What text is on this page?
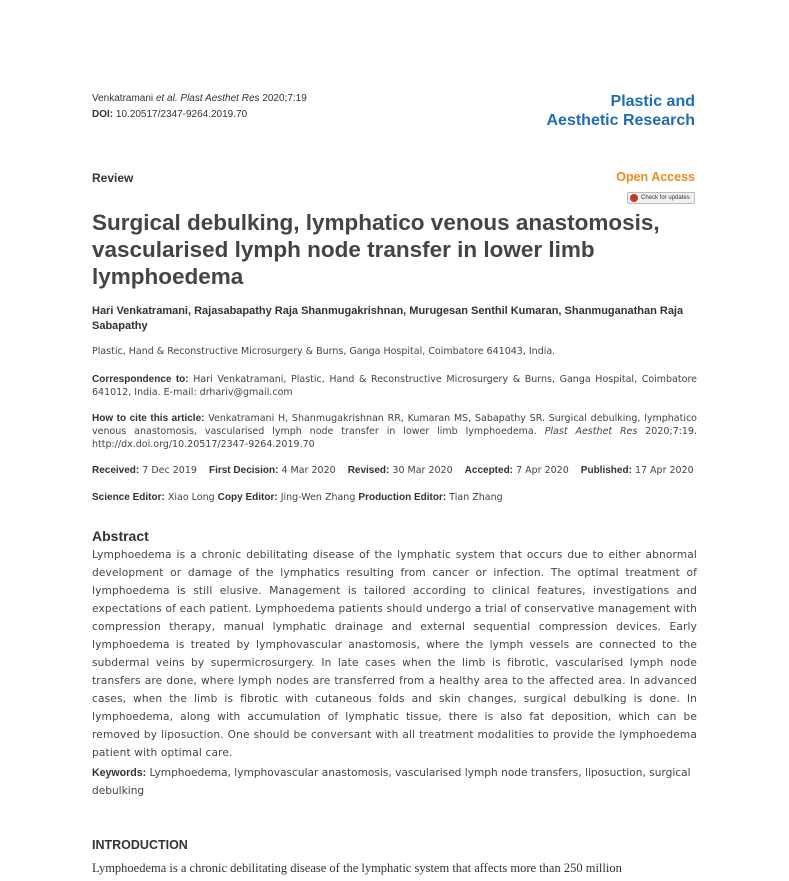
Venkatramani et al. Plast Aesthet Res 2020;7:19
DOI: 10.20517/2347-9264.2019.70
Plastic and
Aesthetic Research
Review	Open Access
Check for updates
Surgical debulking, lymphatico venous anastomosis, vascularised lymph node transfer in lower limb lymphoedema
Hari Venkatramani, Rajasabapathy Raja Shanmugakrishnan, Murugesan Senthil Kumaran, Shanmuganathan Raja Sabapathy
Plastic, Hand & Reconstructive Microsurgery & Burns, Ganga Hospital, Coimbatore 641043, India.
Correspondence to: Hari Venkatramani, Plastic, Hand & Reconstructive Microsurgery & Burns, Ganga Hospital, Coimbatore 641012, India. E-mail: drhariv@gmail.com
How to cite this article: Venkatramani H, Shanmugakrishnan RR, Kumaran MS, Sabapathy SR. Surgical debulking, lymphatico venous anastomosis, vascularised lymph node transfer in lower limb lymphoedema. Plast Aesthet Res 2020;7:19. http://dx.doi.org/10.20517/2347-9264.2019.70
Received: 7 Dec 2019 First Decision: 4 Mar 2020 Revised: 30 Mar 2020 Accepted: 7 Apr 2020 Published: 17 Apr 2020
Science Editor: Xiao Long Copy Editor: Jing-Wen Zhang Production Editor: Tian Zhang
Abstract
Lymphoedema is a chronic debilitating disease of the lymphatic system that occurs due to either abnormal development or damage of the lymphatics resulting from cancer or infection. The optimal treatment of lymphoedema is still elusive. Management is tailored according to clinical features, investigations and expectations of each patient. Lymphoedema patients should undergo a trial of conservative management with compression therapy, manual lymphatic drainage and external sequential compression devices. Early lymphoedema is treated by lymphovascular anastomosis, where the lymph vessels are connected to the subdermal veins by supermicrosurgery. In late cases when the limb is fibrotic, vascularised lymph node transfers are done, where lymph nodes are transferred from a healthy area to the affected area. In advanced cases, when the limb is fibrotic with cutaneous folds and skin changes, surgical debulking is done. In lymphoedema, along with accumulation of lymphatic tissue, there is also fat deposition, which can be removed by liposuction. One should be conversant with all treatment modalities to provide the lymphoedema patient with optimal care.
Keywords: Lymphoedema, lymphovascular anastomosis, vascularised lymph node transfers, liposuction, surgical debulking
INTRODUCTION
Lymphoedema is a chronic debilitating disease of the lymphatic system that affects more than 250 million
